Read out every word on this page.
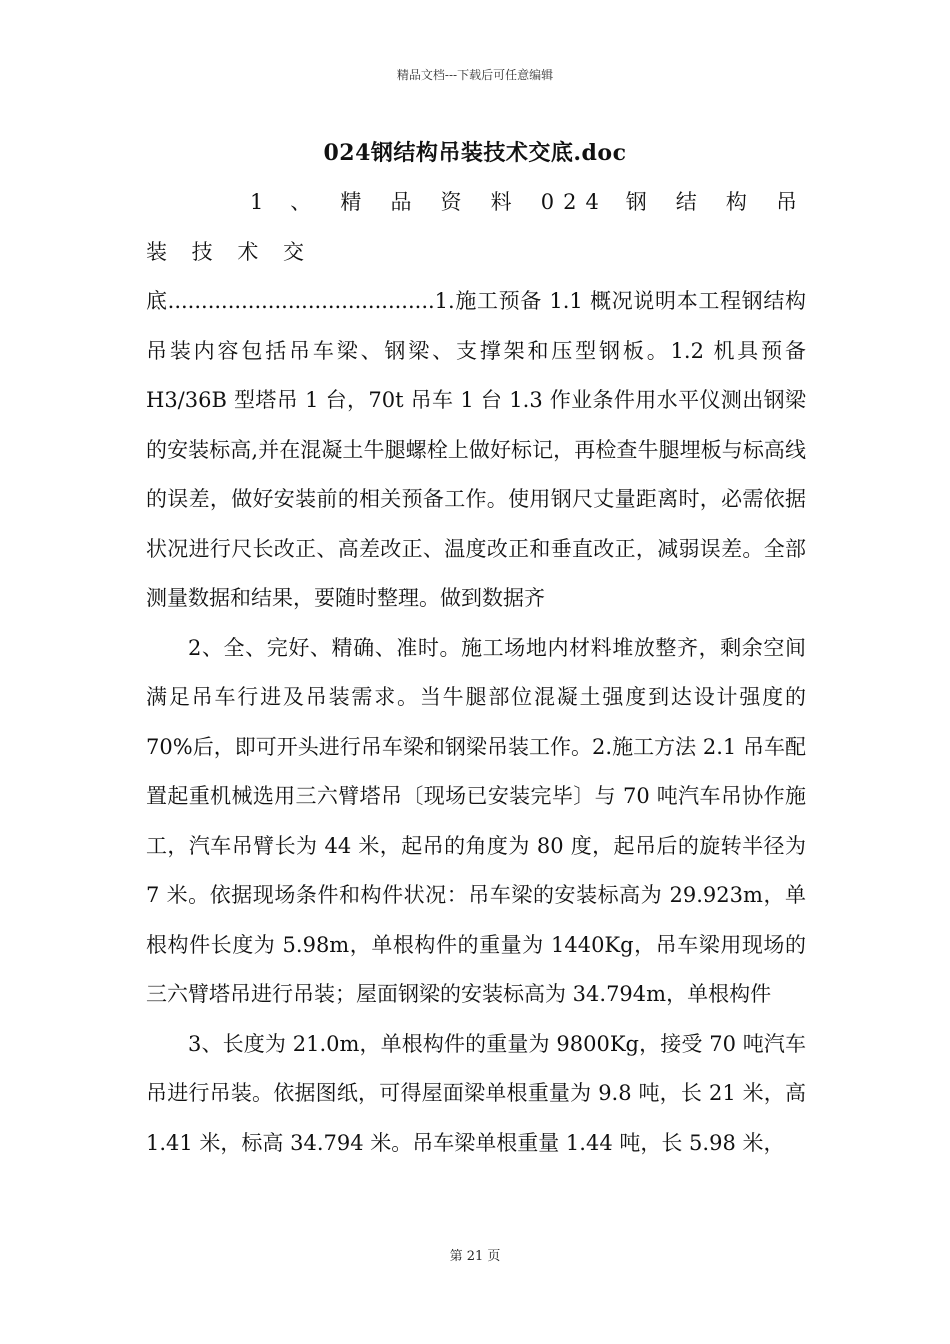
精品文档---下载后可任意编辑
024钢结构吊装技术交底.doc

1 、 精 品 资 料 024 钢 结 构 吊 装 技 术 交

底........................................1.施工预备 1.1 概况说明本工程钢结构吊装内容包括吊车梁、钢梁、支撑架和压型钢板。1.2 机具预备 H3/36B 型塔吊 1 台，70t 吊车 1 台 1.3 作业条件用水平仪测出钢梁的安装标高,并在混凝土牛腿螺栓上做好标记，再检查牛腿埋板与标高线的误差，做好安装前的相关预备工作。使用钢尺丈量距离时，必需依据状况进行尺长改正、高差改正、温度改正和垂直改正，减弱误差。全部测量数据和结果，要随时整理。做到数据齐

2、全、完好、精确、准时。施工场地内材料堆放整齐，剩余空间满足吊车行进及吊装需求。当牛腿部位混凝土强度到达设计强度的 70%后，即可开头进行吊车梁和钢梁吊装工作。2.施工方法 2.1 吊车配置起重机械选用三六臂塔吊〔现场已安装完毕〕与 70 吨汽车吊协作施工，汽车吊臂长为 44 米，起吊的角度为 80 度，起吊后的旋转半径为 7 米。依据现场条件和构件状况：吊车梁的安装标高为 29.923m，单根构件长度为 5.98m，单根构件的重量为 1440Kg，吊车梁用现场的三六臂塔吊进行吊装；屋面钢梁的安装标高为 34.794m，单根构件

3、长度为 21.0m，单根构件的重量为 9800Kg，接受 70 吨汽车吊进行吊装。依据图纸，可得屋面梁单根重量为 9.8 吨，长 21 米，高 1.41 米，标高 34.794 米。吊车梁单根重量 1.44 吨，长 5.98 米，

第 21 页
